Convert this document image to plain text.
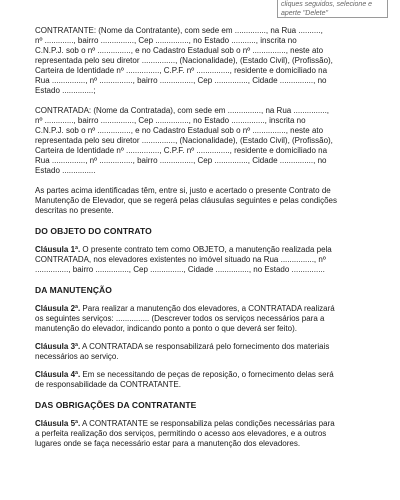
cliques seguidos, selecione e

aperte "Delete"

CONTRATANTE: (Nome da Contratante), com sede em .............., na Rua ..........,

nº ............., bairro ..............., Cep ..............., no Estado ..........., inscrita no

C.N.P.J. sob o nº ..............., e no Cadastro Estadual sob o nº ..............., neste ato

representada pelo seu diretor ..............., (Nacionalidade), (Estado Civil), (Profissão),

Carteira de Identidade nº ..............., C.P.F. nº ..............., residente e domiciliado na

Rua ..............., nº ..............., bairro ..............., Cep ..............., Cidade ..............., no

Estado ..............;

CONTRATADA: (Nome da Contratada), com sede em ..............., na Rua ...............,

nº ............., bairro ..............., Cep ..............., no Estado ..............., inscrita no

C.N.P.J. sob o nº ..............., e no Cadastro Estadual sob o nº ..............., neste ato

representada pelo seu diretor ..............., (Nacionalidade), (Estado Civil), (Profissão),

Carteira de Identidade nº ..............., C.P.F. nº ..............., residente e domiciliado na

Rua ..............., nº ..............., bairro ..............., Cep ..............., Cidade ..............., no

Estado ...............

As partes acima identificadas têm, entre si, justo e acertado o presente Contrato de

Manutenção de Elevador, que se regerá pelas cláusulas seguintes e pelas condições

descritas no presente.

DO OBJETO DO CONTRATO

Cláusula 1ª. O presente contrato tem como OBJETO, a manutenção realizada pela

CONTRATADA, nos elevadores existentes no imóvel situado na Rua ..............., nº

..............., bairro ..............., Cep ..............., Cidade ..............., no Estado ...............

DA MANUTENÇÃO

Cláusula 2ª. Para realizar a manutenção dos elevadores, a CONTRATADA realizará

os seguintes serviços: ............... (Descrever todos os serviços necessários para a

manutenção do elevador, indicando ponto a ponto o que deverá ser feito).

Cláusula 3ª. A CONTRATADA se responsabilizará pelo fornecimento dos materiais

necessários ao serviço.

Cláusula 4ª. Em se necessitando de peças de reposição, o fornecimento delas será

de responsabilidade da CONTRATANTE.

DAS OBRIGAÇÕES DA CONTRATANTE

Cláusula 5ª. A CONTRATANTE se responsabiliza pelas condições necessárias para

a perfeita realização dos serviços, permitindo o acesso aos elevadores, e a outros

lugares onde se faça necessário estar para a manutenção dos elevadores.
